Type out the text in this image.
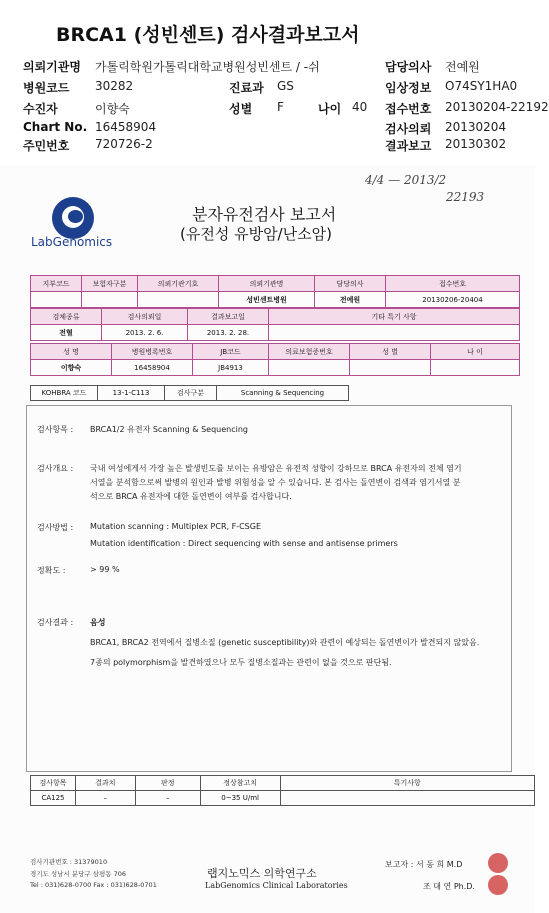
BRCA1 (성빈센트) 검사결과보고서
의뢰기관명 가톨릭학원가톨릭대학교병원성빈센트 / -쉬	담당의사 전예원
병원코드 30282	진료과 GS	임상정보 O74SY1HA0
수진자	이향숙	성별 F	나이 40 접수번호 20130204-22192
Chart No. 16458904	검사의뢰 20130204
주민번호 720726-2	결과보고 20130302
4/4 — 2013/2
22193
LabGenomics
분자유전검사 보고서
(유전성 유방암/난소암)
지부코드	보험자구분	의뢰기관기호	의뢰기관명	담당의사	접수번호
			성빈센트병원	전예원	20130206-20404
검체종류	검사의뢰일	결과보고일	기타 특기 사항
전혈	2013. 2. 6.	2013. 2. 28.	
성 명	병원병록번호	JB코드	의료보험증번호	성 별	나 이
이향숙	16458904	JB4913			
KOHBRA 코드	13-1-C113	검사구분	Scanning & Sequencing
검사항목 : BRCA1/2 유전자 Scanning & Sequencing
검사개요 : 국내 여성에게서 가장 높은 발생빈도를 보이는 유방암은 유전적 성향이 강하므로 BRCA 유전자의 전체 염기
서열을 분석함으로써 발병의 원인과 발병 위험성을 알 수 있습니다. 본 검사는 돌연변이 검색과 염기서열 분
석으로 BRCA 유전자에 대한 돌연변이 여부를 검사합니다.
검사방법 : Mutation scanning : Multiplex PCR, F-CSGE
Mutation identification : Direct sequencing with sense and antisense primers
정확도 :	> 99 %
검사결과 : 음성
BRCA1, BRCA2 전역에서 질병소질 (genetic susceptibility)와 관련이 예상되는 돌연변이가 발견되지 않았음.
7종의 polymorphism을 발견하였으나 모두 질병소질과는 관련이 없을 것으로 판단됨.
검사항목	결과치	판정	정상참고치	특기사항
CA125	–	–	0~35 U/ml	
검사기관번호 : 31379010
경기도 성남시 분당구 삼평동 706
Tel : 031)628-0700 Fax : 031)628-0701
랩지노믹스 의학연구소
LabGenomics Clinical Laboratories
보고자 : 서 동 희 M.D
조 대 연 Ph.D.
